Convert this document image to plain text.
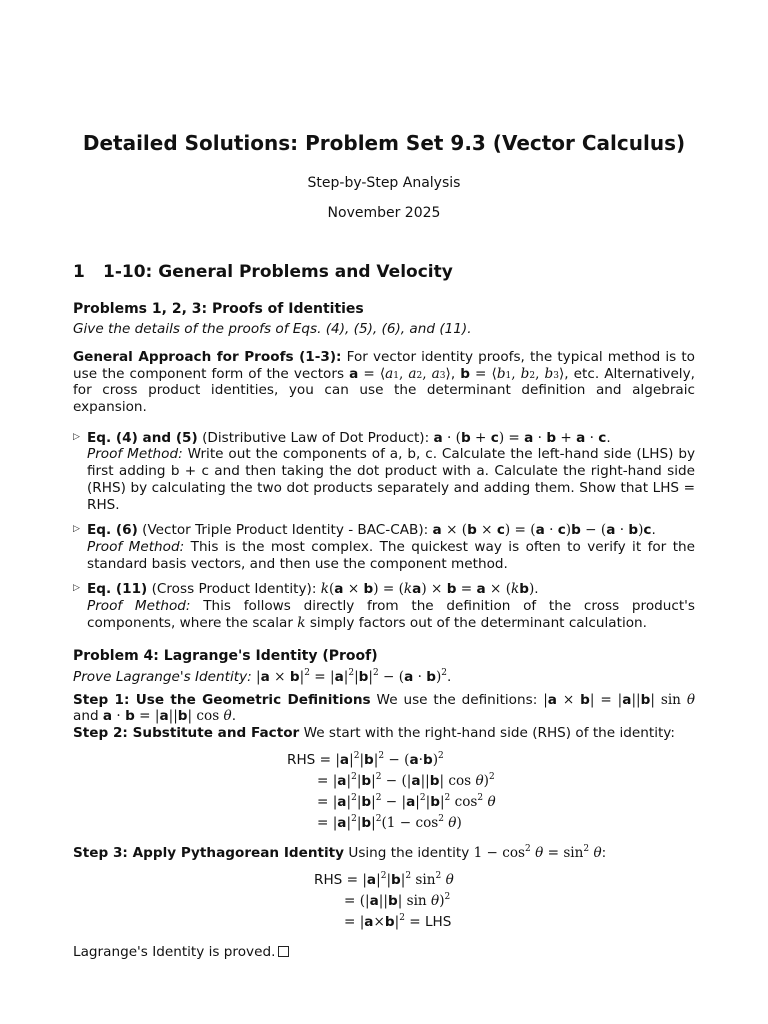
Detailed Solutions: Problem Set 9.3 (Vector Calculus)
Step-by-Step Analysis
November 2025
1	1-10: General Problems and Velocity
Problems 1, 2, 3: Proofs of Identities

Give the details of the proofs of Eqs. (4), (5), (6), and (11).

General Approach for Proofs (1-3): For vector identity proofs, the typical method is to use the component form of the vectors a = ⟨a1, a2, a3⟩, b = ⟨b1, b2, b3⟩, etc. Alternatively, for cross product identities, you can use the determinant definition and algebraic expansion.

▷ Eq. (4) and (5) (Distributive Law of Dot Product): a · (b + c) = a · b + a · c.
Proof Method: Write out the components of a, b, c. Calculate the left-hand side (LHS) by first adding b + c and then taking the dot product with a. Calculate the right-hand side (RHS) by calculating the two dot products separately and adding them. Show that LHS = RHS.
▷ Eq. (6) (Vector Triple Product Identity - BAC-CAB): a × (b × c) = (a · c)b − (a · b)c.
Proof Method: This is the most complex. The quickest way is often to verify it for the standard basis vectors, and then use the component method.
▷ Eq. (11) (Cross Product Identity): k(a × b) = (ka) × b = a × (kb).
Proof Method: This follows directly from the definition of the cross product's components, where the scalar k simply factors out of the determinant calculation.
Problem 4: Lagrange's Identity (Proof)

Prove Lagrange's Identity: $|a \times b|^2 = |a|^2|b|^2 - (a \cdot b)^2$.

Step 1: Use the Geometric Definitions We use the definitions: |a × b| = |a||b| sin θ and a · b = |a||b| cos θ.

Step 2: Substitute and Factor We start with the right-hand side (RHS) of the identity:

RHS
= | a $|^2|$ b $|^2$ − ( a · b )$^2$
= | a $|^2|$ b $|^2$ − (| a || b | cos θ)$^2$
= | a $|^2|$ b $|^2$ − | a $|^2|$ b $|^2$ $\cos^2 \theta$
= | a $|^2|$ b $|^2(1 - \cos^2 \theta)$

Step 3: Apply Pythagorean Identity Using the identity $1 - \cos^2 \theta = \sin^2 \theta$:

RHS
= | a $|^2|$ b $|^2$ $\sin^2 \theta$
= (| a || b | sin θ)$^2$
= | a × b $|^2$ =
LHS

Lagrange's Identity is proved.
